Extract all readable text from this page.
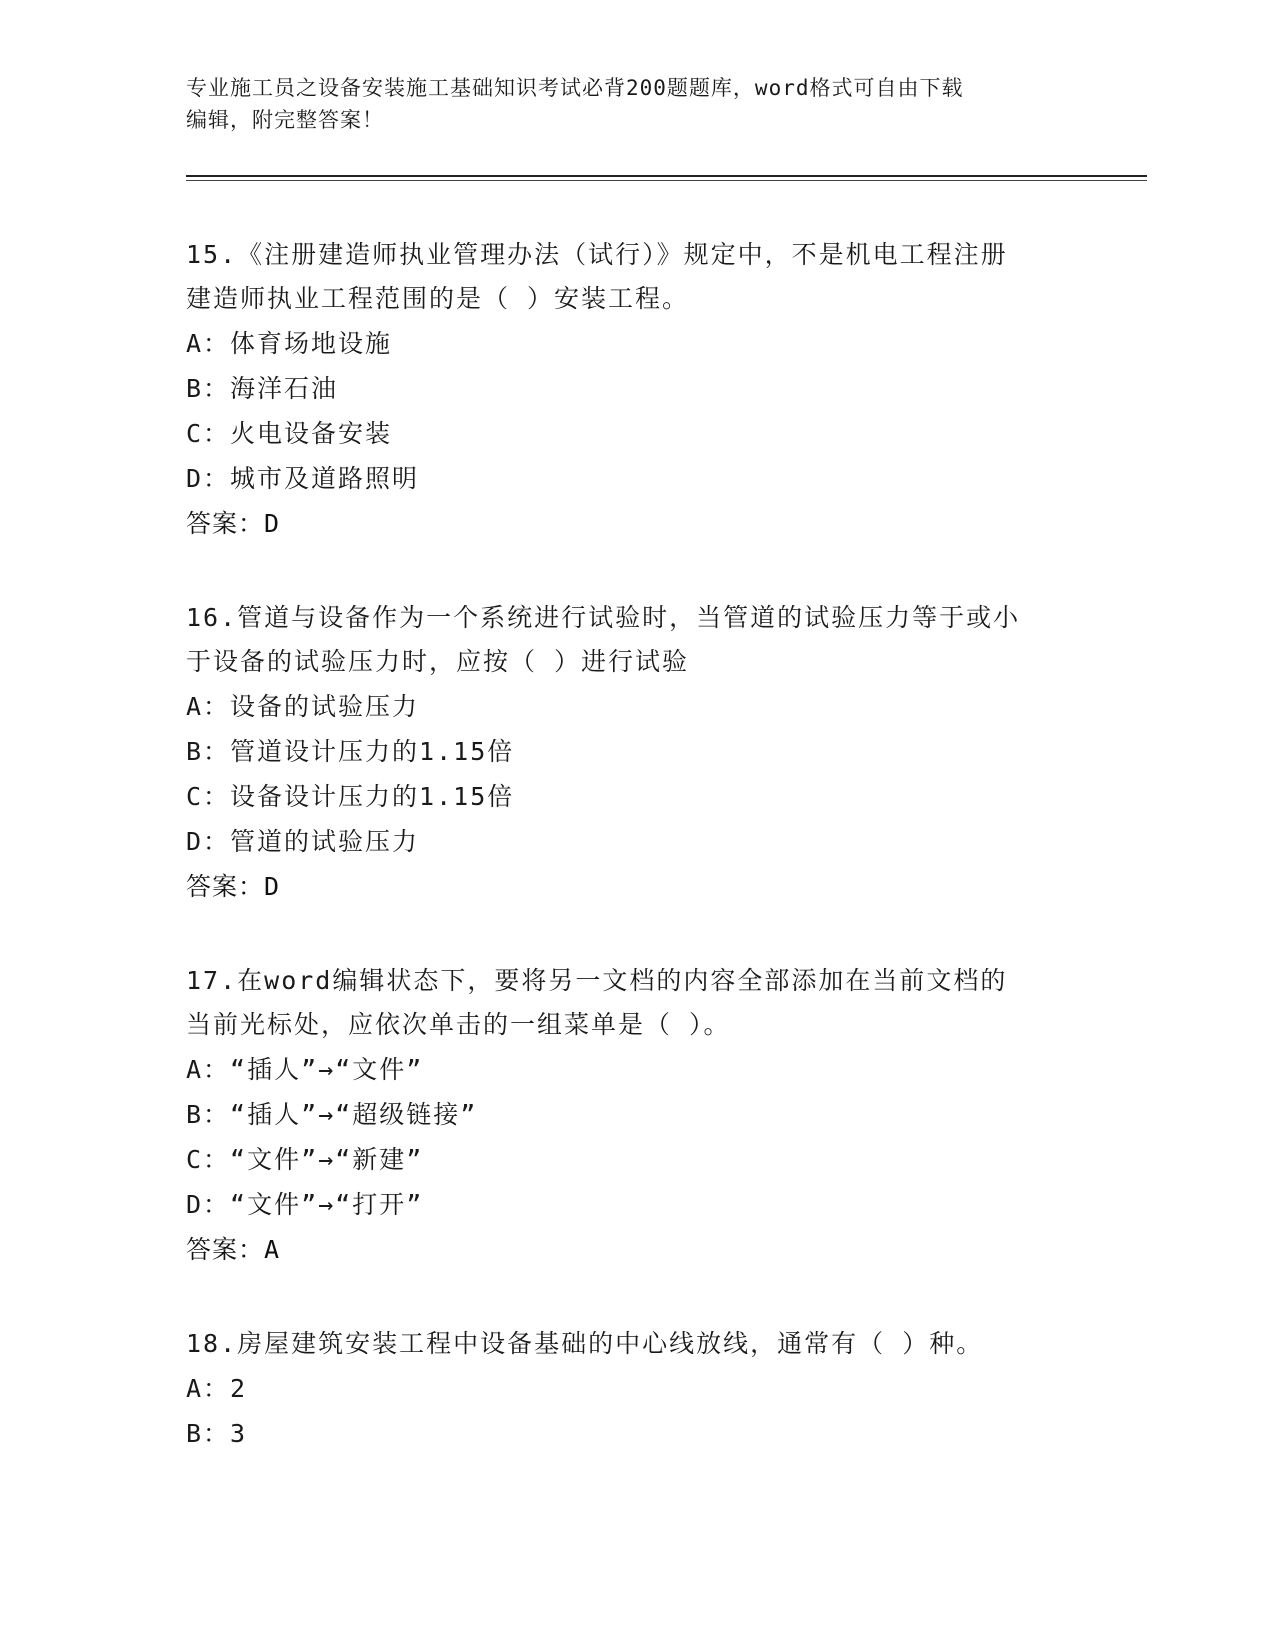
专业施工员之设备安装施工基础知识考试必背200题题库，word格式可自由下载
编辑，附完整答案！
15.《注册建造师执业管理办法（试行）》规定中，不是机电工程注册
建造师执业工程范围的是（ ）安装工程。
A：体育场地设施
B：海洋石油
C：火电设备安装
D：城市及道路照明
答案：D
16.管道与设备作为一个系统进行试验时，当管道的试验压力等于或小
于设备的试验压力时，应按（ ）进行试验
A：设备的试验压力
B：管道设计压力的1.15倍
C：设备设计压力的1.15倍
D：管道的试验压力
答案：D
17.在word编辑状态下，要将另一文档的内容全部添加在当前文档的
当前光标处，应依次单击的一组菜单是（ ）。
A：“插人”→“文件”
B：“插人”→“超级链接”
C：“文件”→“新建”
D：“文件”→“打开”
答案：A
18.房屋建筑安装工程中设备基础的中心线放线，通常有（ ）种。
A：2
B：3
